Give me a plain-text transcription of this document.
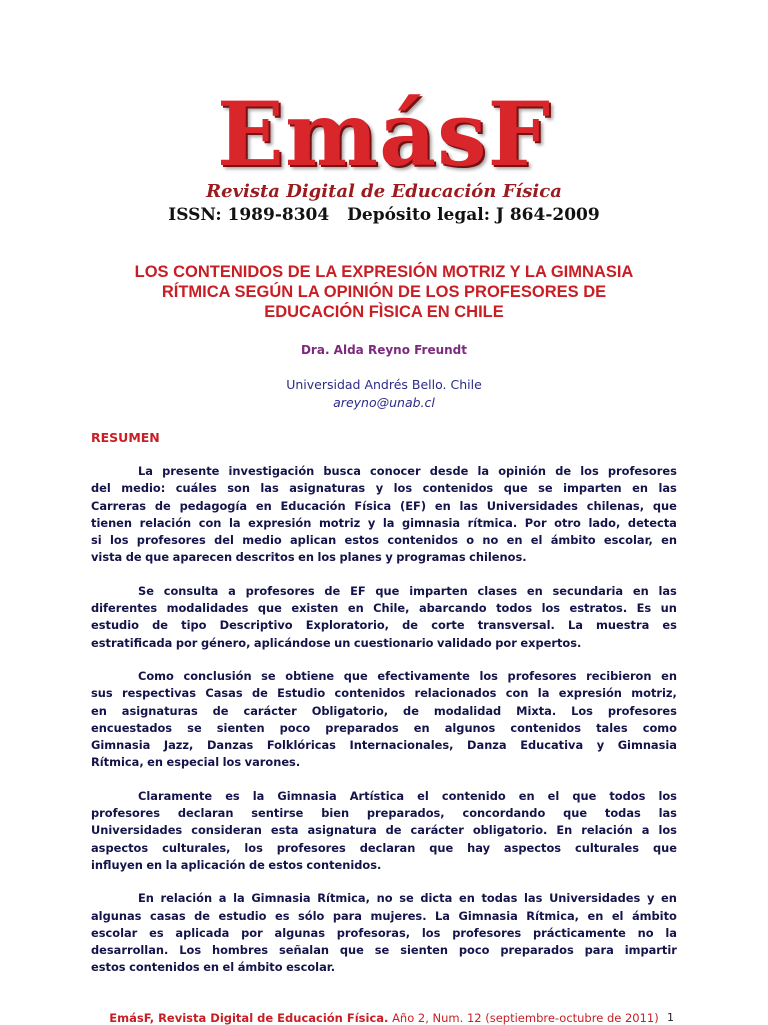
EmásF
Revista Digital de Educación Física
ISSN: 1989-8304 Depósito legal: J 864-2009
LOS CONTENIDOS DE LA EXPRESIÓN MOTRIZ Y LA GIMNASIA
RÍTMICA SEGÚN LA OPINIÓN DE LOS PROFESORES DE
EDUCACIÓN FÌSICA EN CHILE
Dra. Alda Reyno Freundt
Universidad Andrés Bello. Chile
areyno@unab.cl
RESUMEN
La presente investigación busca conocer desde la opinión de los profesores
del medio: cuáles son las asignaturas y los contenidos que se imparten en las
Carreras de pedagogía en Educación Física (EF) en las Universidades chilenas, que
tienen relación con la expresión motriz y la gimnasia rítmica. Por otro lado, detecta
si los profesores del medio aplican estos contenidos o no en el ámbito escolar, en
vista de que aparecen descritos en los planes y programas chilenos.
Se consulta a profesores de EF que imparten clases en secundaria en las
diferentes modalidades que existen en Chile, abarcando todos los estratos. Es un
estudio de tipo Descriptivo Exploratorio, de corte transversal. La muestra es
estratificada por género, aplicándose un cuestionario validado por expertos.
Como conclusión se obtiene que efectivamente los profesores recibieron en
sus respectivas Casas de Estudio contenidos relacionados con la expresión motriz,
en asignaturas de carácter Obligatorio, de modalidad Mixta. Los profesores
encuestados se sienten poco preparados en algunos contenidos tales como
Gimnasia Jazz, Danzas Folklóricas Internacionales, Danza Educativa y Gimnasia
Rítmica, en especial los varones.
Claramente es la Gimnasia Artística el contenido en el que todos los
profesores declaran sentirse bien preparados, concordando que todas las
Universidades consideran esta asignatura de carácter obligatorio. En relación a los
aspectos culturales, los profesores declaran que hay aspectos culturales que
influyen en la aplicación de estos contenidos.
En relación a la Gimnasia Rítmica, no se dicta en todas las Universidades y en
algunas casas de estudio es sólo para mujeres. La Gimnasia Rítmica, en el ámbito
escolar es aplicada por algunas profesoras, los profesores prácticamente no la
desarrollan. Los hombres señalan que se sienten poco preparados para impartir
estos contenidos en el ámbito escolar.
EmásF, Revista Digital de Educación Física. Año 2, Num. 12 (septiembre-octubre de 2011) 1
